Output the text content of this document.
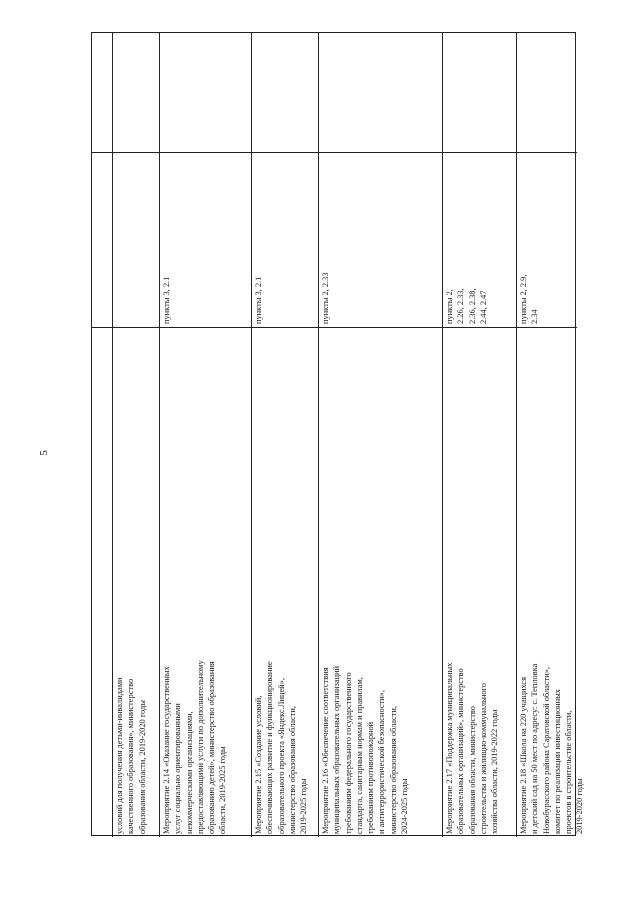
5
условий для получения детьми-инвалидами
качественного образования», министерство
образования области, 2019-2020 годы
Мероприятие 2.14 «Оказание государственных
услуг социально ориентированными
некоммерческими организациями,
предоставляющими услуги по дополнительному
образованию детей», министерство образования
области, 2019-2025 годы
пункты 3, 2.1
Мероприятие 2.15 «Создание условий,
обеспечивающих развитие и функционирование
образовательного проекта «Яндекс.Лицей»,
министерство образования области,
2019-2025 годы
пункты 3, 2.1
Мероприятие 2.16 «Обеспечение соответствия
муниципальных образовательных организаций
требованиям федерального государственного
стандарта, санитарным нормам и правилам,
требованиям противопожарной
и антитеррористической безопасности»,
министерство образования области,
2024-2025 годы
пункты 2, 2.33
Мероприятие 2.17 «Поддержка муниципальных
образовательных организаций», министерство
образования области, министерство
строительства и жилищно-коммунального
хозяйства области, 2019-2022 годы
пункты 2,
2.26, 2.33,
2.36, 2.38,
2.44, 2.47
Мероприятие 2.18 «Школа на 220 учащихся
и детский сад на 50 мест по адресу: с. Тепловка
Новобурасского района Саратовской области»,
комитет по реализации инвестиционных
проектов в строительстве области,
2019-2020 годы
пункты 2, 2.9,
2.34
